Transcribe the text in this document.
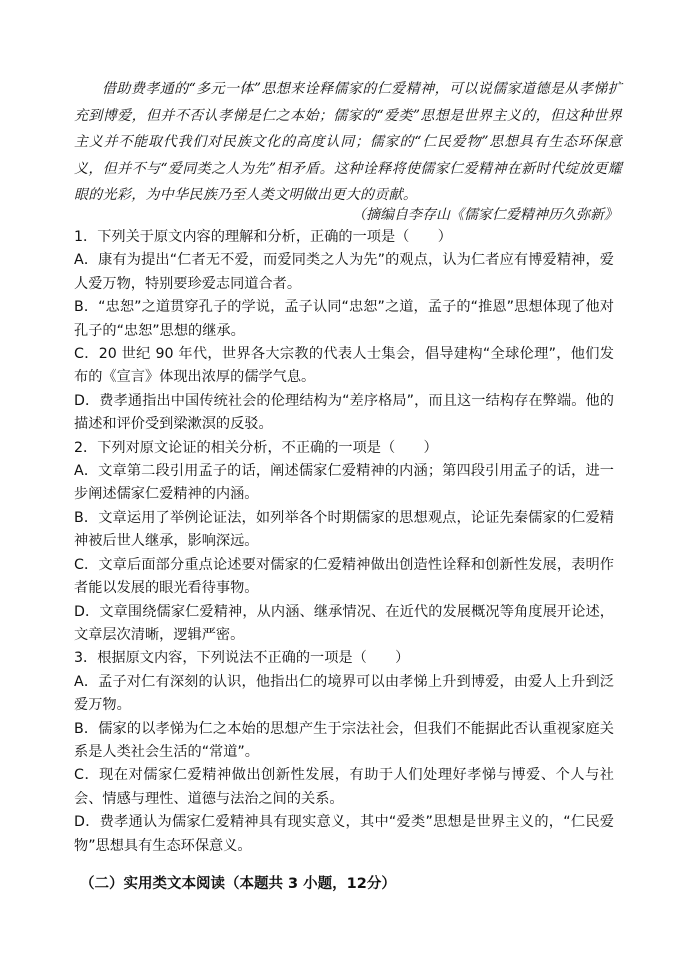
借助费孝通的“多元一体”思想来诠释儒家的仁爱精神，可以说儒家道德是从孝悌扩充到博爱，但并不否认孝悌是仁之本始；儒家的“爱类”思想是世界主义的，但这种世界主义并不能取代我们对民族文化的高度认同；儒家的“仁民爱物”思想具有生态环保意义，但并不与“爱同类之人为先”相矛盾。这种诠释将使儒家仁爱精神在新时代绽放更耀眼的光彩，为中华民族乃至人类文明做出更大的贡献。

（摘编自李存山《儒家仁爱精神历久弥新》

1．下列关于原文内容的理解和分析，正确的一项是（　　）

A．康有为提出“仁者无不爱，而爱同类之人为先”的观点，认为仁者应有博爱精神，爱人爱万物，特别要珍爱志同道合者。

B．“忠恕”之道贯穿孔子的学说，孟子认同“忠恕”之道，孟子的“推恩”思想体现了他对孔子的“忠恕”思想的继承。

C．20 世纪 90 年代，世界各大宗教的代表人士集会，倡导建构“全球伦理”，他们发布的《宣言》体现出浓厚的儒学气息。

D．费孝通指出中国传统社会的伦理结构为“差序格局”，而且这一结构存在弊端。他的描述和评价受到梁漱溟的反驳。

2．下列对原文论证的相关分析，不正确的一项是（　　）

A．文章第二段引用孟子的话，阐述儒家仁爱精神的内涵；第四段引用孟子的话，进一步阐述儒家仁爱精神的内涵。

B．文章运用了举例论证法，如列举各个时期儒家的思想观点，论证先秦儒家的仁爱精神被后世人继承，影响深远。

C．文章后面部分重点论述要对儒家的仁爱精神做出创造性诠释和创新性发展，表明作者能以发展的眼光看待事物。

D．文章围绕儒家仁爱精神，从内涵、继承情况、在近代的发展概况等角度展开论述，文章层次清晰，逻辑严密。

3．根据原文内容，下列说法不正确的一项是（　　）

A．孟子对仁有深刻的认识，他指出仁的境界可以由孝悌上升到博爱，由爱人上升到泛爱万物。

B．儒家的以孝悌为仁之本始的思想产生于宗法社会，但我们不能据此否认重视家庭关系是人类社会生活的“常道”。

C．现在对儒家仁爱精神做出创新性发展，有助于人们处理好孝悌与博爱、个人与社会、情感与理性、道德与法治之间的关系。

D．费孝通认为儒家仁爱精神具有现实意义，其中“爱类”思想是世界主义的，“仁民爱物”思想具有生态环保意义。

（二）实用类文本阅读（本题共 3 小题，12分）
